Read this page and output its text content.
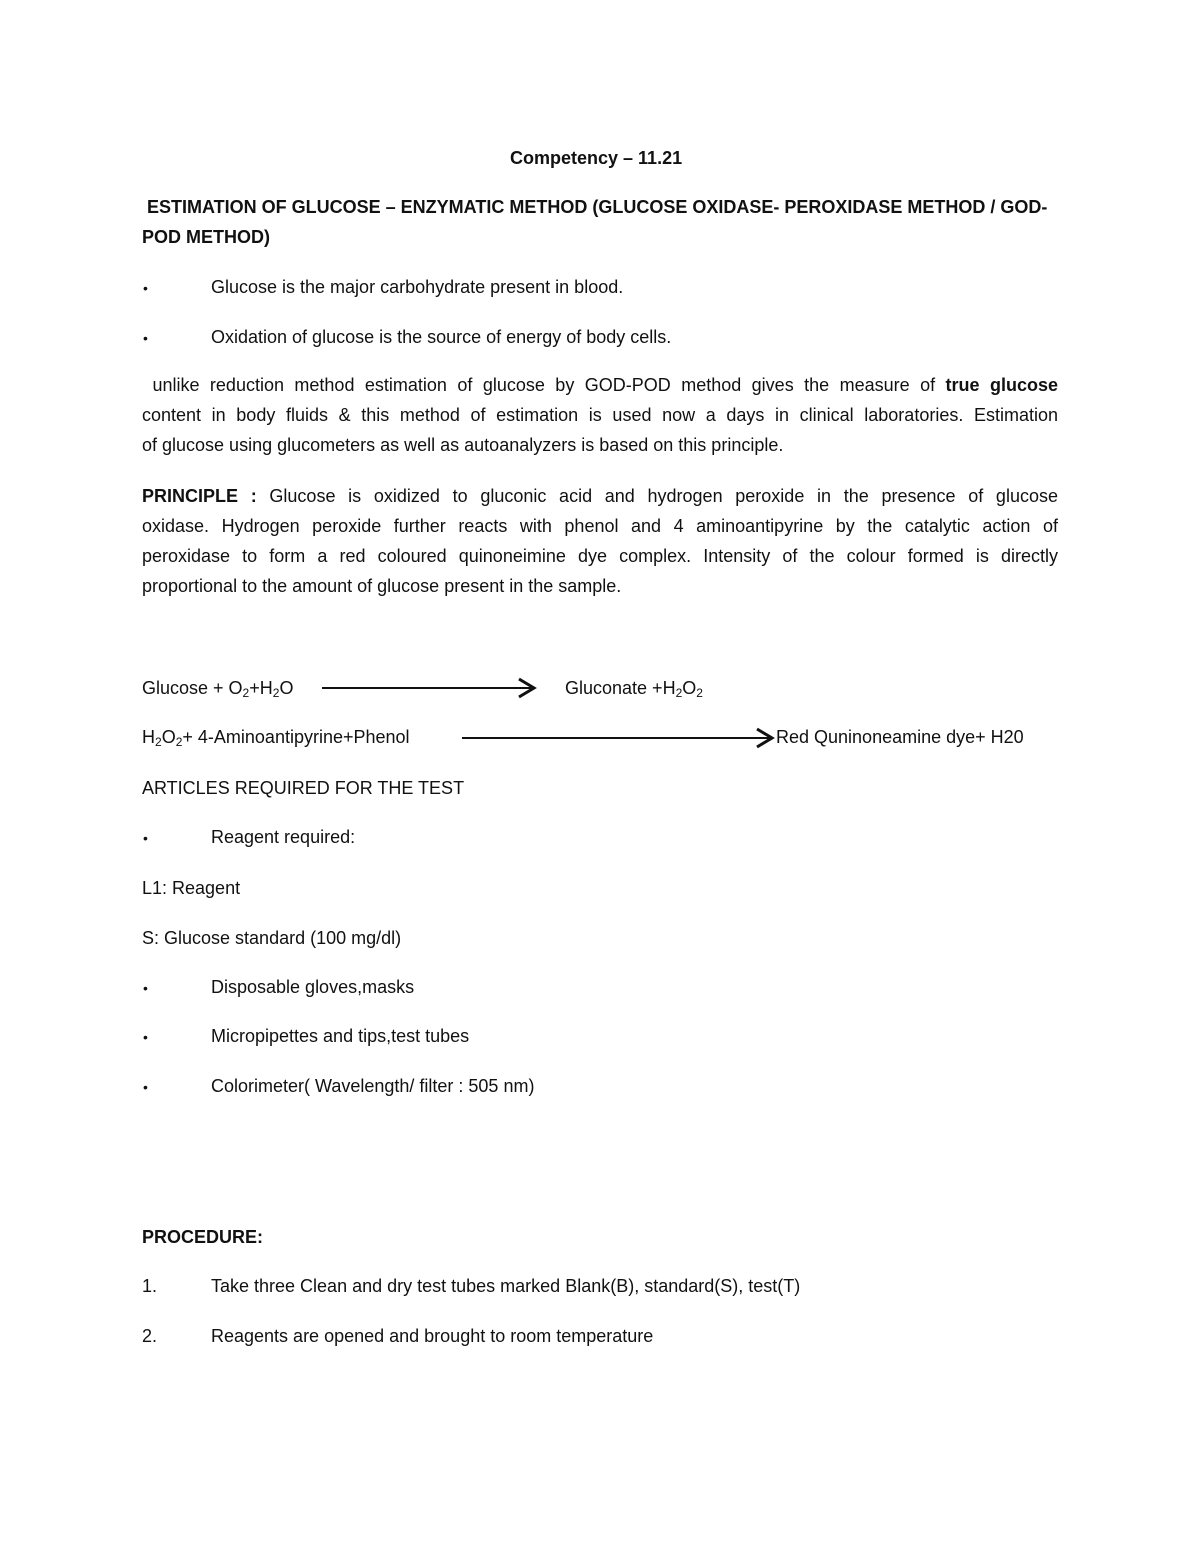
Competency – 11.21
ESTIMATION OF GLUCOSE – ENZYMATIC METHOD (GLUCOSE OXIDASE- PEROXIDASE METHOD / GOD-
POD METHOD)
•	Glucose is the major carbohydrate present in blood.
•	Oxidation of glucose is the source of energy of body cells.
unlike reduction method estimation of glucose by GOD-POD method gives the measure of true glucose
content in body fluids & this method of estimation is used now a days in clinical laboratories. Estimation
of glucose using glucometers as well as autoanalyzers is based on this principle.
PRINCIPLE : Glucose is oxidized to gluconic acid and hydrogen peroxide in the presence of glucose
oxidase. Hydrogen peroxide further reacts with phenol and 4 aminoantipyrine by the catalytic action of
peroxidase to form a red coloured quinoneimine dye complex. Intensity of the colour formed is directly
proportional to the amount of glucose present in the sample.
$Glucose + O_2+H_2O$	Gluconate $+H_2O_2$
$H_2O_2+$ 4-Aminoantipyrine+Phenol	Red Quninoneamine dye+ H20
ARTICLES REQUIRED FOR THE TEST
•	Reagent required:
L1: Reagent
S: Glucose standard (100 mg/dl)
•	Disposable gloves,masks
•	Micropipettes and tips,test tubes
•	Colorimeter( Wavelength/ filter : 505 nm)
PROCEDURE:
1.	Take three Clean and dry test tubes marked Blank(B), standard(S), test(T)
2.	Reagents are opened and brought to room temperature
